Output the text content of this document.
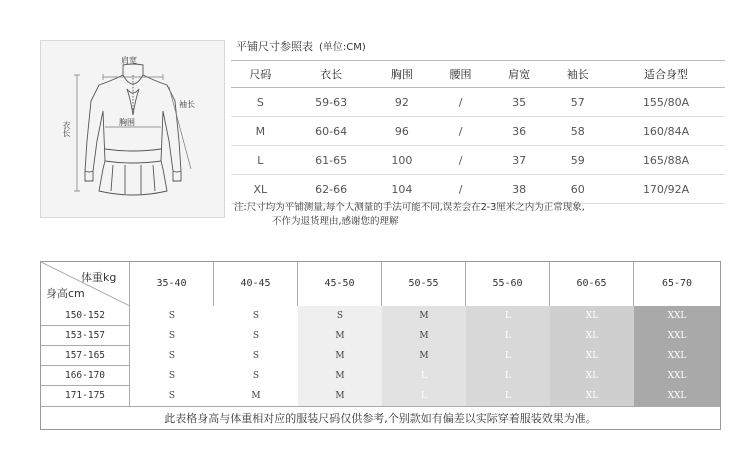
肩宽
袖长
衣长	胸围
平铺尺寸参照表 (单位:CM)
尺码	衣长	胸围	腰围	肩宽	袖长	适合身型
S	59-63	92	/	35	57	155/80A
M	60-64	96	/	36	58	160/84A
L	61-65	100	/	37	59	165/88A
XL	62-66	104	/	38	60	170/92A
注:尺寸均为平铺测量,每个人测量的手法可能不同,误差会在2-3厘米之内为正常现象,
不作为退货理由,感谢您的理解
体重kg
身高cm
35-40	40-45	45-50	50-55	55-60	60-65	65-70
150-152	S	S	S	M	L	XL	XXL
153-157	S	S	M	M	L	XL	XXL
157-165	S	S	M	M	L	XL	XXL
166-170	S	S	M	L	L	XL	XXL
171-175	S	M	M	L	L	XL	XXL
此表格身高与体重相对应的服装尺码仅供参考,个别款如有偏差以实际穿着服装效果为准。
